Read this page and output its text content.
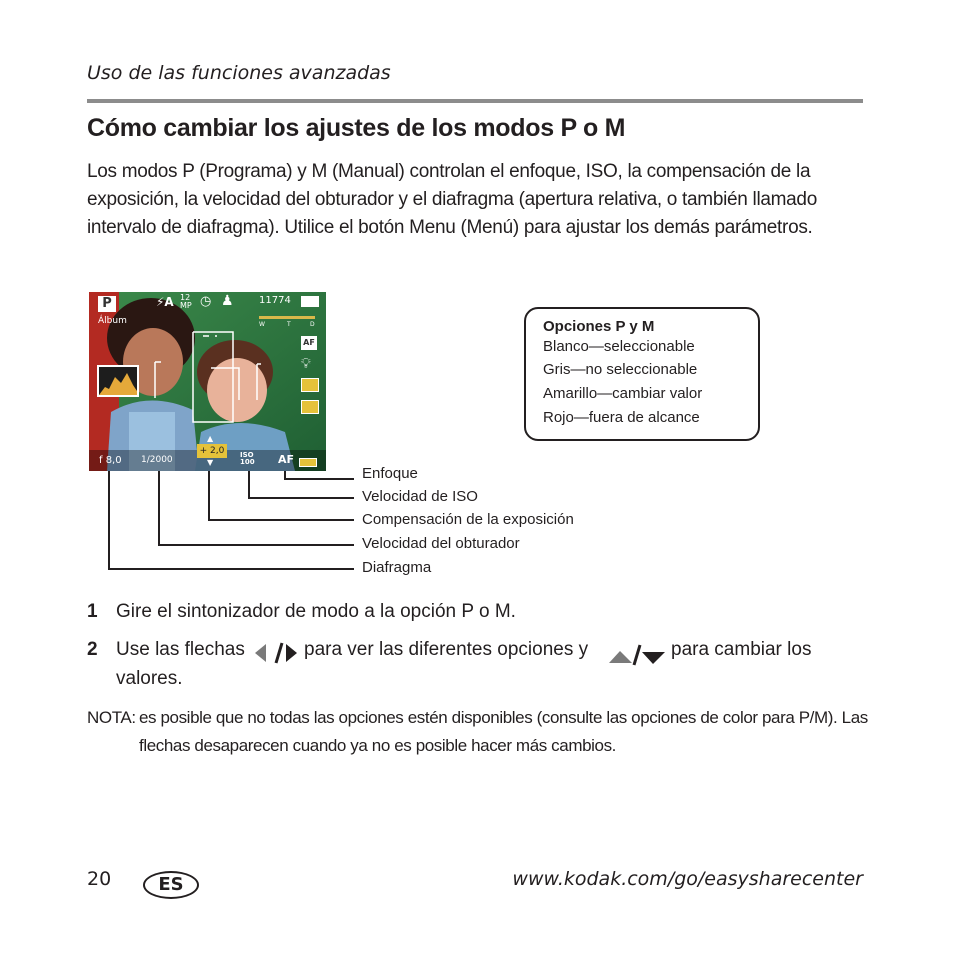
Uso de las funciones avanzadas
Cómo cambiar los ajustes de los modos P o M
Los modos P (Programa) y M (Manual) controlan el enfoque, ISO, la compensación de la exposición, la velocidad del obturador y el diafragma (apertura relativa, o también llamado intervalo de diafragma). Utilice el botón Menu (Menú) para ajustar los demás parámetros.
P
Álbum
⚡A 12
MP ◷ ♟	11774
W	T	D
AF
💡︎
f 8,0 1/2000
+ 2,0
▲
▼
ISO 100	AF
Opciones P y M
Blanco—seleccionable
Gris—no seleccionable
Amarillo—cambiar valor
Rojo—fuera de alcance
Enfoque
Velocidad de ISO
Compensación de la exposición
Velocidad del obturador
Diafragma
1 Gire el sintonizador de modo a la opción P o M.
2 Use las flechas	para ver las diferentes opciones y	para cambiar los
valores.
NOTA: es posible que no todas las opciones estén disponibles (consulte las opciones de color para P/M). Las flechas desaparecen cuando ya no es posible hacer más cambios.
20	ES	www.kodak.com/go/easysharecenter
